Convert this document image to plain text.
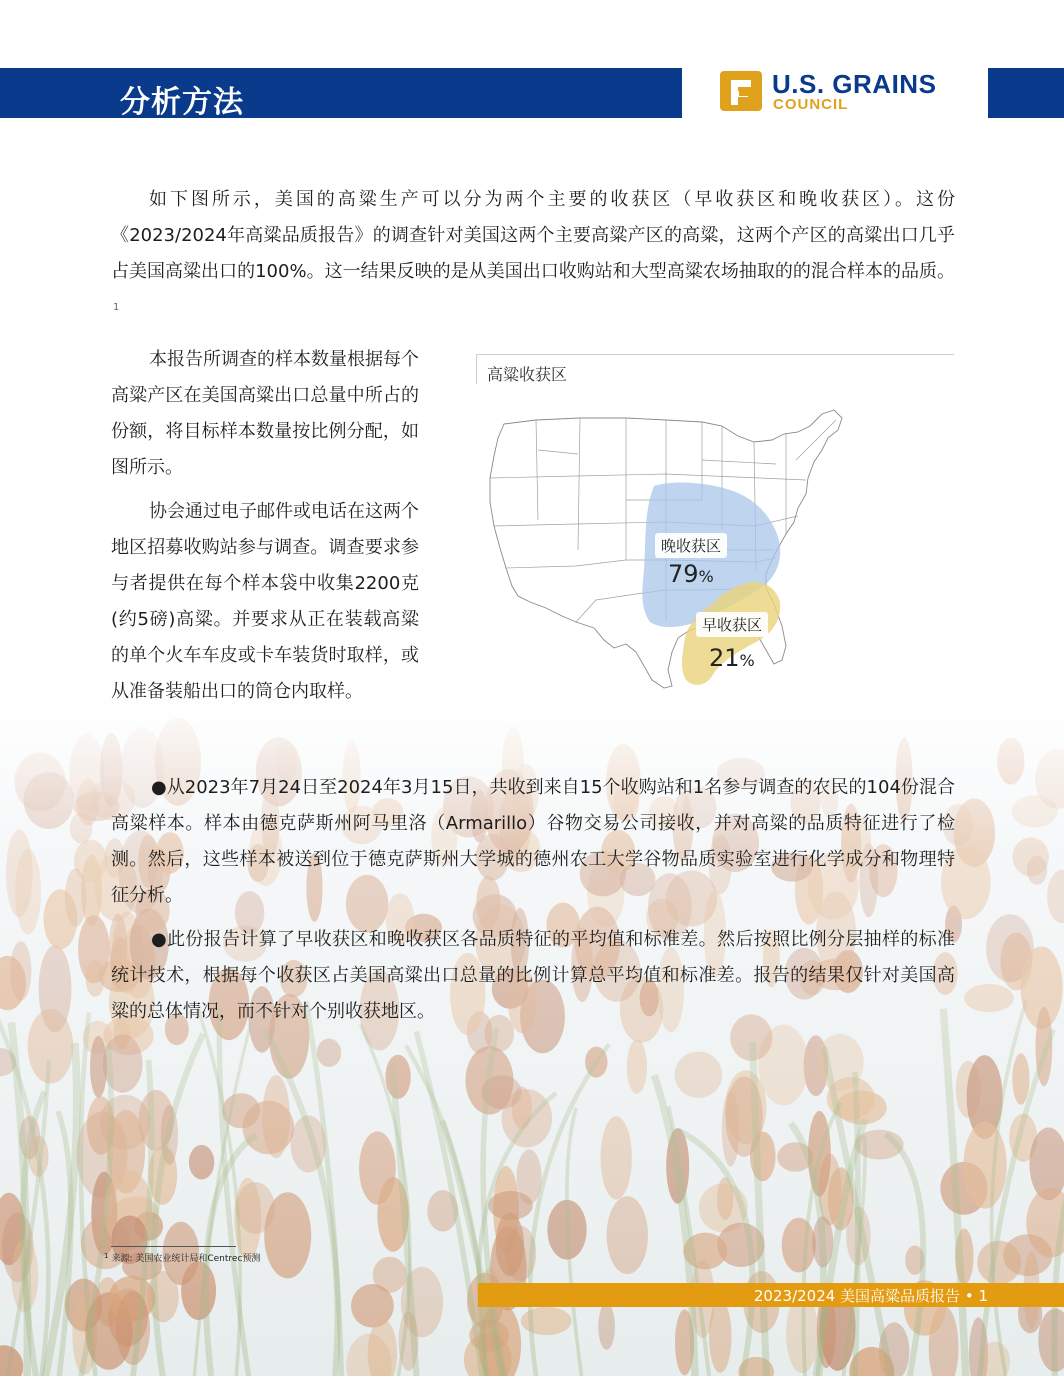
分析方法
U.S. GRAINS
COUNCIL
如下图所示，美国的高粱生产可以分为两个主要的收获区（早收获区和晚收获区）。这份《2023/2024年高粱品质报告》的调查针对美国这两个主要高粱产区的高粱，这两个产区的高粱出口几乎占美国高粱出口的100%。这一结果反映的是从美国出口收购站和大型高粱农场抽取的的混合样本的品质。$^1$
本报告所调查的样本数量根据每个高粱产区在美国高粱出口总量中所占的份额，将目标样本数量按比例分配，如图所示。
协会通过电子邮件或电话在这两个地区招募收购站参与调查。调查要求参与者提供在每个样本袋中收集2200克(约5磅)高粱。并要求从正在装载高粱的单个火车车皮或卡车装货时取样，或从准备装船出口的筒仓内取样。
高粱收获区
晚收获区
79%
早收获区
21%
●从2023年7月24日至2024年3月15日，共收到来自15个收购站和1名参与调查的农民的104份混合高粱样本。样本由德克萨斯州阿马里洛（Armarillo）谷物交易公司接收，并对高粱的品质特征进行了检测。然后，这些样本被送到位于德克萨斯州大学城的德州农工大学谷物品质实验室进行化学成分和物理特征分析。
●此份报告计算了早收获区和晚收获区各品质特征的平均值和标准差。然后按照比例分层抽样的标准统计技术，根据每个收获区占美国高粱出口总量的比例计算总平均值和标准差。报告的结果仅针对美国高粱的总体情况，而不针对个别收获地区。
$^1$ 来源: 美国农业统计局和Centrec预测
2023/2024 美国高粱品质报告 • 1
